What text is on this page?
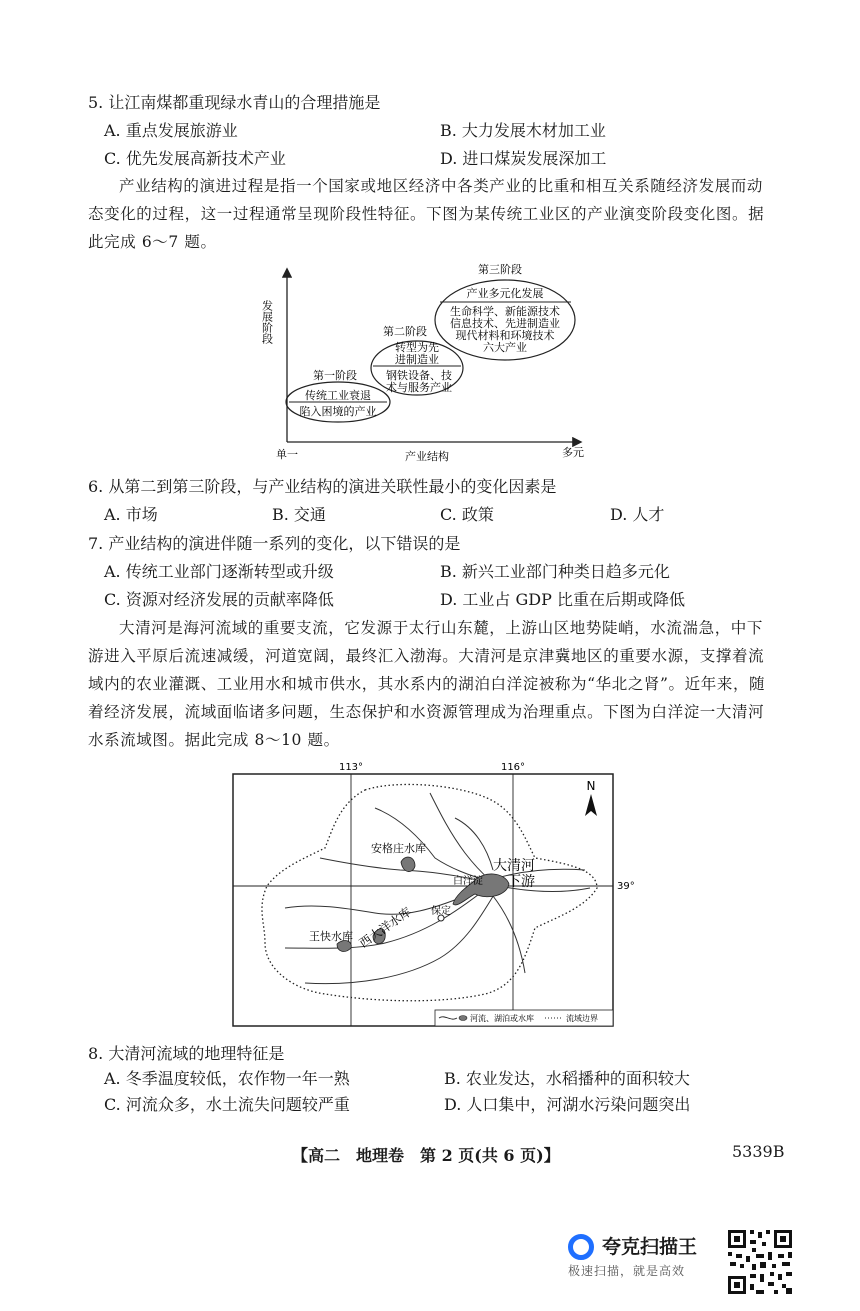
5. 让江南煤都重现绿水青山的合理措施是
A. 重点发展旅游业	B. 大力发展木材加工业
C. 优先发展高新技术产业	D. 进口煤炭发展深加工

产业结构的演进过程是指一个国家或地区经济中各类产业的比重和相互关系随经济发展而动态变化的过程，这一过程通常呈现阶段性特征。下图为某传统工业区的产业演变阶段变化图。据此完成 6～7 题。

发展阶段
单一	产业结构	多元
第一阶段
传统工业衰退
陷入困境的产业
第二阶段
转型为先
进制造业
钢铁设备、技
术与服务产业
第三阶段
产业多元化发展
生命科学、新能源技术
信息技术、先进制造业
现代材料和环境技术
六大产业
6. 从第二到第三阶段，与产业结构的演进关联性最小的变化因素是
A. 市场	B. 交通	C. 政策	D. 人才
7. 产业结构的演进伴随一系列的变化，以下错误的是
A. 传统工业部门逐渐转型或升级	B. 新兴工业部门种类日趋多元化
C. 资源对经济发展的贡献率降低	D. 工业占 GDP 比重在后期或降低

大清河是海河流域的重要支流，它发源于太行山东麓，上游山区地势陡峭，水流湍急，中下游进入平原后流速减缓，河道宽阔，最终汇入渤海。大清河是京津冀地区的重要水源，支撑着流域内的农业灌溉、工业用水和城市供水，其水系内的湖泊白洋淀被称为“华北之肾”。近年来，随着经济发展，流域面临诸多问题，生态保护和水资源管理成为治理重点。下图为白洋淀一大清河水系流域图。据此完成 8～10 题。

113°	116°
39°
安格庄水库
白洋淀
大清河
下游
西大洋水库
王快水库
保定
N
河流、湖泊或水库	流域边界
8. 大清河流域的地理特征是
A. 冬季温度较低，农作物一年一熟	B. 农业发达，水稻播种的面积较大
C. 河流众多，水土流失问题较严重	D. 人口集中，河湖水污染问题突出
【高二　地理卷　第 2 页(共 6 页)】	5339B
夸克扫描王
极速扫描，就是高效
